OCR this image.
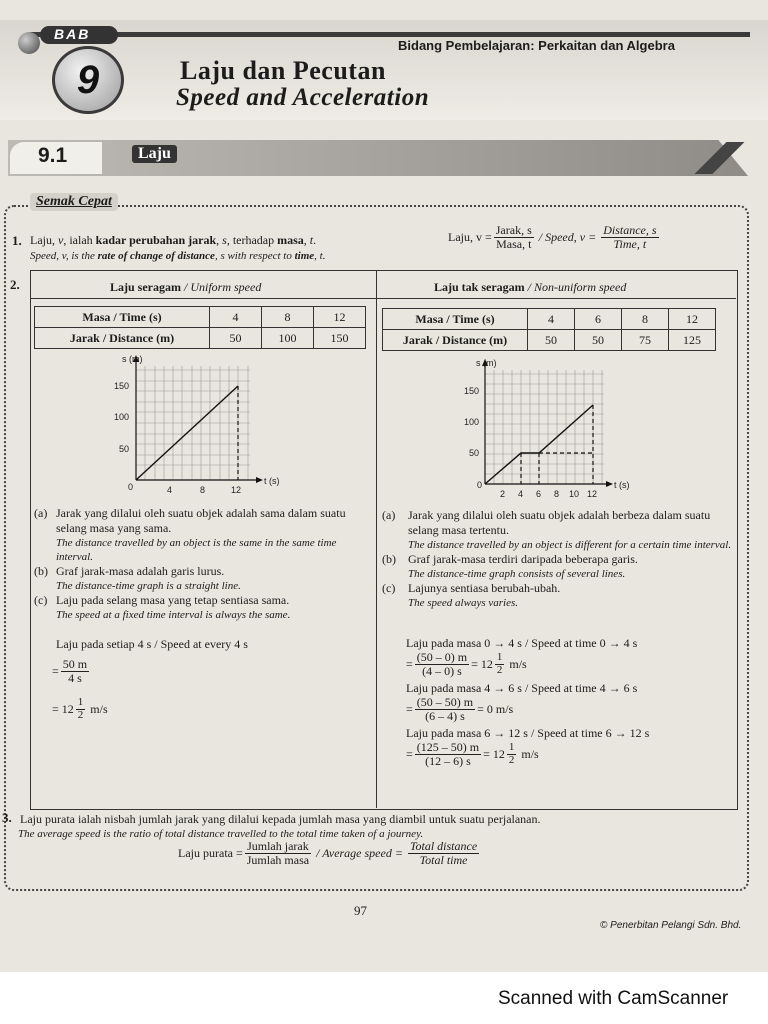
BAB
9
Bidang Pembelajaran: Perkaitan dan Algebra
Laju dan Pecutan
Speed and Acceleration
9.1	Laju
Semak Cepat
1. Laju, v, ialah kadar perubahan jarak, s, terhadap masa, t.
Speed, v, is the rate of change of distance, s with respect to time, t.
Laju, $v = \frac{\text{Jarak, s}}{\text{Masa, t}}$ / Speed, $v = \frac{\text{Distance, s}}{\text{Time, t}}$
2.	Laju seragam / Uniform speed
Masa / Time (s)	4	8	12
Jarak / Distance (m)	50	100	150
s (m)
t (s)
150
100
50
0	4	8	12
(a) Jarak yang dilalui oleh suatu objek adalah sama dalam suatu selang masa yang sama.
The distance travelled by an object is the same in the same time interval.
(b) Graf jarak-masa adalah garis lurus.
The distance-time graph is a straight line.
(c) Laju pada selang masa yang tetap sentiasa sama.
The speed at a fixed time interval is always the same.
Laju pada setiap 4 s / Speed at every 4 s
= $\frac{50 m}{4 s}$
= $12 \frac{1}{2} m/s$
Laju tak seragam / Non-uniform speed
Masa / Time (s)	4	6	8	12
Jarak / Distance (m)	50	50	75	125
s (m)
t (s)
150
100
50
0
2 4 6 8 10 12
(a)	Jarak yang dilalui oleh suatu objek adalah berbeza dalam suatu selang masa tertentu.
The distance travelled by an object is different for a certain time interval.
(b)	Graf jarak-masa terdiri daripada beberapa garis.
The distance-time graph consists of several lines.
(c)	Lajunya sentiasa berubah-ubah.
The speed always varies.
Laju pada masa 0 → 4 s / Speed at time 0 → 4 s
= $\frac{(50 - 0) m}{(4 - 0) s} = 12 \frac{1}{2} m/s$
Laju pada masa 4 → 6 s / Speed at time 4 → 6 s
= $\frac{(50 - 50) m}{(6 - 4) s} = 0$ m/s
Laju pada masa 6 → 12 s / Speed at time 6 → 12 s
= $\frac{(125 - 50) m}{(12 - 6) s} = 12 \frac{1}{2} m/s$
3. Laju purata ialah nisbah jumlah jarak yang dilalui kepada jumlah masa yang diambil untuk suatu perjalanan.
The average speed is the ratio of total distance travelled to the total time taken of a journey.
Laju purata = $\frac{\text{Jumlah jarak}}{\text{Jumlah masa}}$ / Average speed = $\frac{\text{Total distance}}{\text{Total time}}$
97
© Penerbitan Pelangi Sdn. Bhd.
Scanned with CamScanner
